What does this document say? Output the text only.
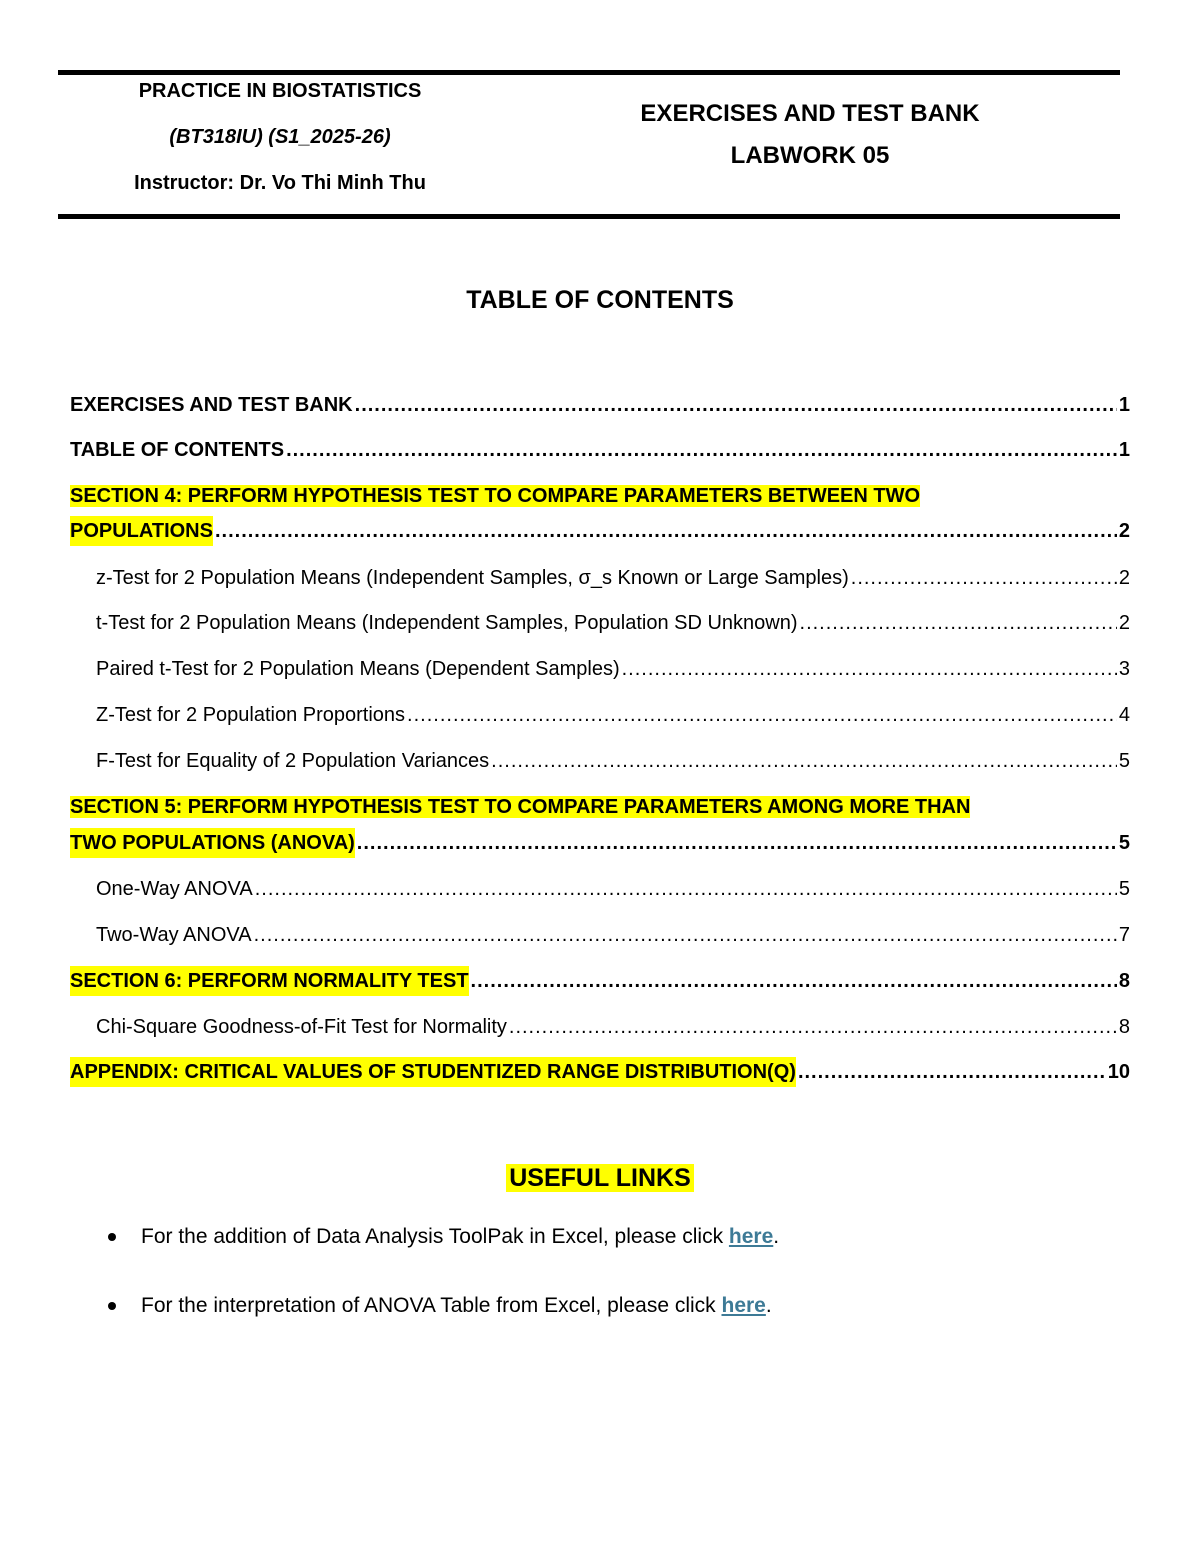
PRACTICE IN BIOSTATISTICS
(BT318IU) (S1_2025-26)
Instructor: Dr. Vo Thi Minh Thu
EXERCISES AND TEST BANK
LABWORK 05
TABLE OF CONTENTS
EXERCISES AND TEST BANK .....	1
TABLE OF CONTENTS .....	1
SECTION 4: PERFORM HYPOTHESIS TEST TO COMPARE PARAMETERS BETWEEN TWO
POPULATIONS .....	2
z-Test for 2 Population Means (Independent Samples, σ_s Known or Large Samples) .....	2
t-Test for 2 Population Means (Independent Samples, Population SD Unknown) .....	2
Paired t-Test for 2 Population Means (Dependent Samples) .....	3
Z-Test for 2 Population Proportions .....	4
F-Test for Equality of 2 Population Variances .....	5
SECTION 5: PERFORM HYPOTHESIS TEST TO COMPARE PARAMETERS AMONG MORE THAN
TWO POPULATIONS (ANOVA) .....	5
One-Way ANOVA .....	5
Two-Way ANOVA .....	7
SECTION 6: PERFORM NORMALITY TEST .....	8
Chi-Square Goodness-of-Fit Test for Normality .....	8
APPENDIX: CRITICAL VALUES OF STUDENTIZED RANGE DISTRIBUTION(Q) .....	10
USEFUL LINKS
For the addition of Data Analysis ToolPak in Excel, please click here.
For the interpretation of ANOVA Table from Excel, please click here.
